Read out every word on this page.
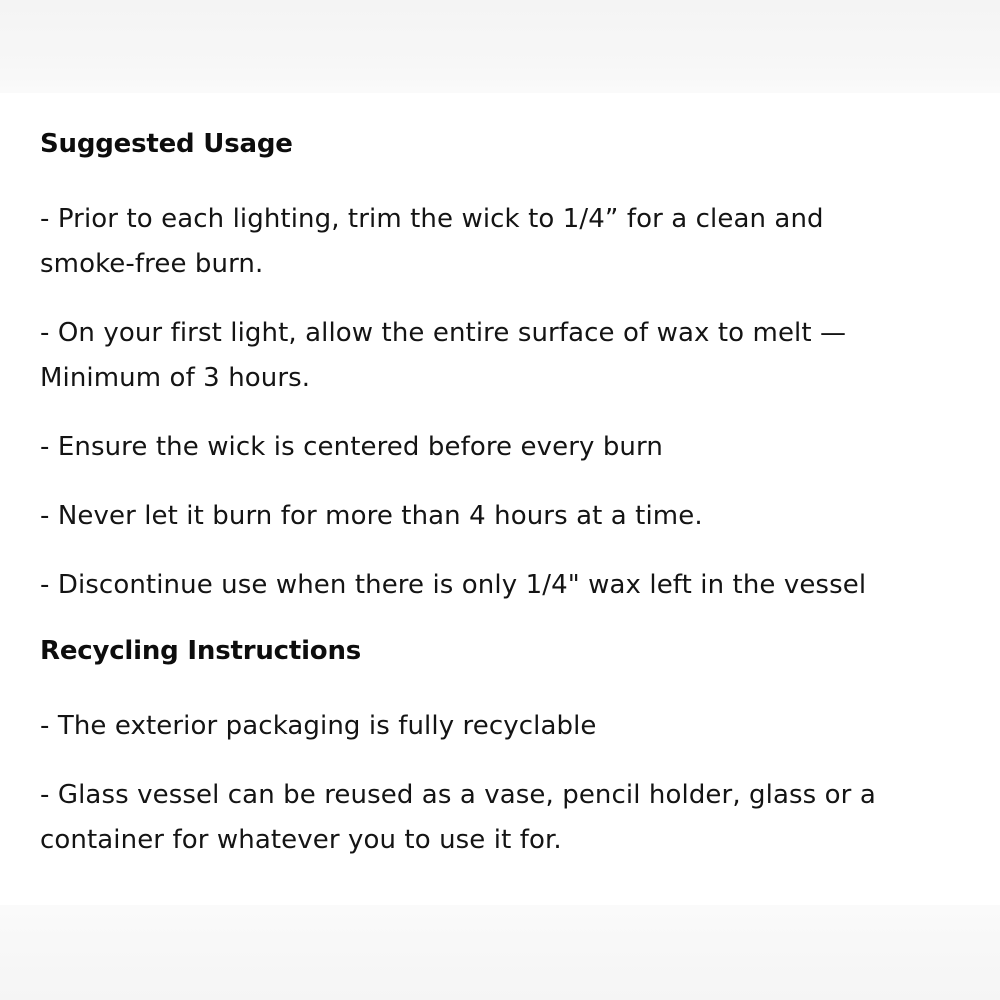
Suggested Usage
- Prior to each lighting, trim the wick to 1/4” for a clean and
smoke-free burn.
- On your first light, allow the entire surface of wax to melt —
Minimum of 3 hours.
- Ensure the wick is centered before every burn
- Never let it burn for more than 4 hours at a time.
- Discontinue use when there is only 1/4" wax left in the vessel
Recycling Instructions
- The exterior packaging is fully recyclable
- Glass vessel can be reused as a vase, pencil holder, glass or a
container for whatever you to use it for.
